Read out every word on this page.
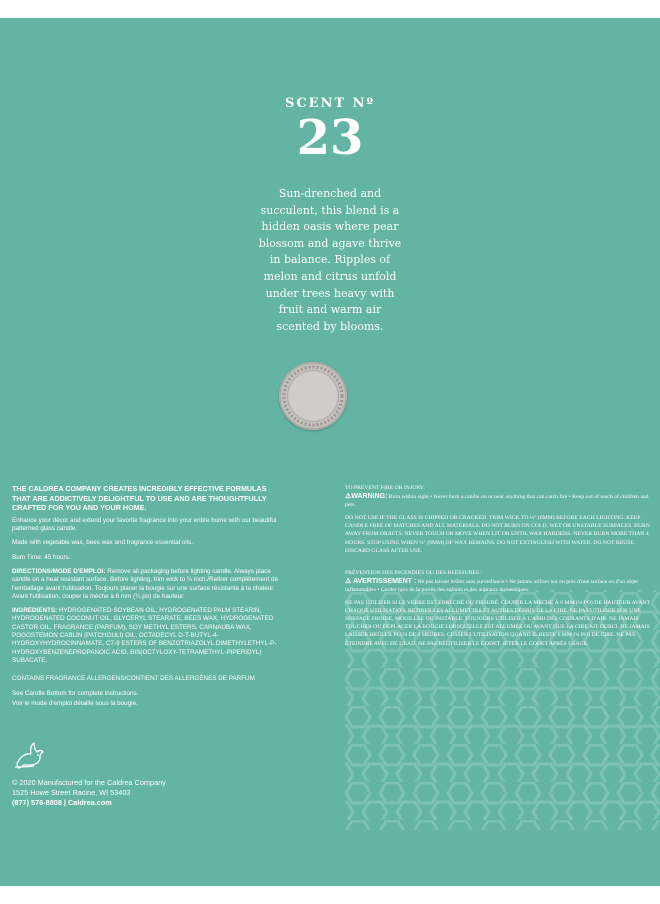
SCENT Nº
23
Sun-drenched and succulent, this blend is a hidden oasis where pear blossom and agave thrive in balance. Ripples of melon and citrus unfold under trees heavy with fruit and warm air scented by blooms.

THE CALDREA COMPANY CREATES INCREDIBLY EFFECTIVE FORMULAS THAT ARE ADDICTIVELY DELIGHTFUL TO USE AND ARE THOUGHTFULLY CRAFTED FOR YOU AND YOUR HOME.

Enhance your décor and extend your favorite fragrance into your entire home with our beautiful patterned glass candle.

Made with vegetable wax, bees wax and fragrance essential oils.

Burn Time: 45 hours.

DIRECTIONS/MODE D'EMPLOI: Remove all packaging before lighting candle. Always place candle on a heat resistant surface. Before lighting, trim wick to ¼ inch./Retirer complètement de l'emballage avant l'utilisation. Toujours placer la bougie sur une surface résistante à la chaleur. Avant l'utilisation, couper la mèche à 6 mm (¼ po) de hauteur.

INGREDIENTS: HYDROGENATED SOYBEAN OIL, HYDROGENATED PALM STEARIN, HYDROGENATED COCONUT OIL, GLYCERYL STEARATE, BEES WAX, HYDROGENATED CASTOR OIL, FRAGRANCE (PARFUM), SOY METHYL ESTERS, CARNAUBA WAX, POGOSTEMON CABLIN (PATCHOULI) OIL, OCTADECYL D-T-BUTYL-4-HYDROXYHYDROCINNAMATE, C7-9 ESTERS OF BENZOTRIAZOLYL DIMETHYLETHYL-P-HYDROXYBENZENEPROPANOIC ACID, BIS(OCTYLOXY-TETRAMETHYL-PIPERIDYL) SUBACATE.

CONTAINS FRAGRANCE ALLERGENS/CONTIENT DES ALLERGÈNES DE PARFUM

See Candle Bottom for complete instructions.

Voir le mode d'emploi détaillé sous la bougie.

TO PREVENT FIRE OR INJURY:

⚠WARNING: Burn within sight • Never burn a candle on or near anything that can catch fire • Keep out of reach of children and pets.

DO NOT USE IF THE GLASS IS CHIPPED OR CRACKED. TRIM WICK TO ¼" (6MM) BEFORE EACH LIGHTING. KEEP CANDLE FREE OF MATCHES AND ALL MATERIALS. DO NOT BURN ON COLD, WET OR UNSTABLE SURFACES. BURN AWAY FROM DRAFTS. NEVER TOUCH OR MOVE WHEN LIT OR UNTIL WAX HARDENS. NEVER BURN MORE THAN 4 HOURS. STOP USING WHEN ¼" (6MM) OF WAX REMAINS. DO NOT EXTINGUISH WITH WATER. DO NOT REUSE. DISCARD GLASS AFTER USE.

PRÉVENTION DES INCENDIES OU DES BLESSURES :

⚠ AVERTISSEMENT : Ne pas laisser brûler sans surveillance • Ne jamais utiliser sur ou près d'une surface ou d'un objet inflammables • Garder hors de la portée des enfants et des animaux domestiques.

NE PAS UTILISER SI LE VERRE EST ÉBRÉCHÉ OU FISSURÉ. COUPER LA MÈCHE À 6 MM (¼ PO) DE HAUTEUR AVANT CHAQUE UTILISATION. RETIRER LES ALLUMETTES ET AUTRES DÉBRIS DE LA CIRE. NE PAS UTILISER SUR UNE SURFACE FROIDE, MOUILLÉE OU INSTABLE. TOUJOURS UTILISER À L'ABRI DES COURANTS D'AIR. NE JAMAIS TOUCHER OU DÉPLACER LA BOUGIE LORSQU'ELLE EST ALLUMÉE OU AVANT QUE LA CIRE AIT DURCI. NE JAMAIS LAISSER BRÛLER PLUS DE 4 HEURES. CESSER L'UTILISATION QUAND IL RESTE 6 MM (¼ PO) DE CIRE. NE PAS ÉTEINDRE AVEC DE L'EAU. NE PAS RÉUTILISER LE GODET. JETER LE GODET APRÈS USAGE.

© 2020 Manufactured for the Caldrea Company

1525 Howe Street Racine, WI 53403

(877) 576-8808 | Caldrea.com
